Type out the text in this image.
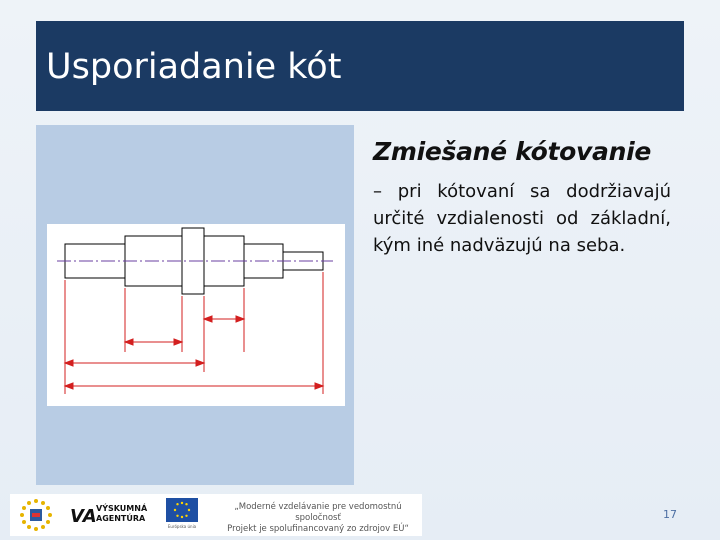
Usporiadanie kót

Zmiešané kótovanie

– pri kótovaní sa dodržiavajú určité vzdialenosti od základní, kým iné nadväzujú na seba.
VA VÝSKUMNÁ
AGENTÚRA
Európska únia
„Moderné vzdelávanie pre vedomostnú spoločnosť
Projekt je spolufinancovaný zo zdrojov EÚ“
17
